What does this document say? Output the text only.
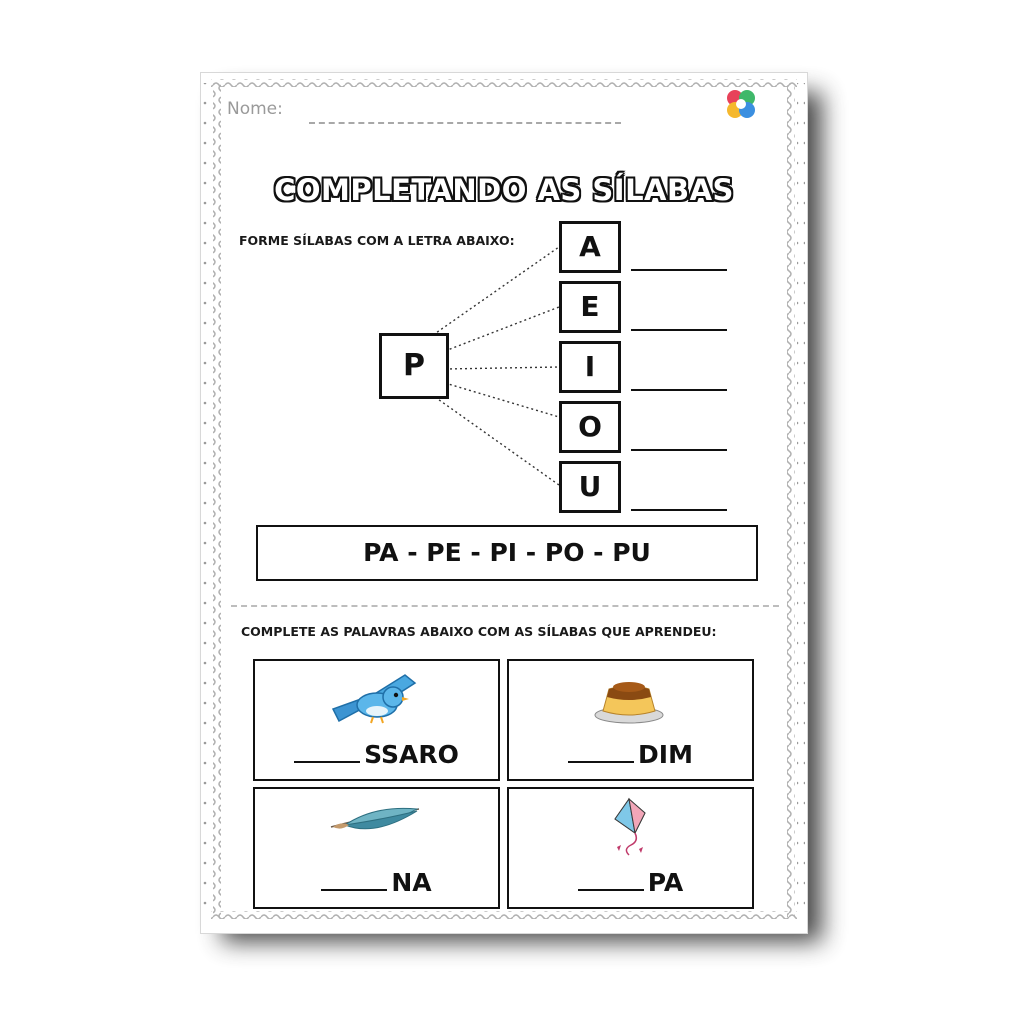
Nome:
COMPLETANDO AS SÍLABAS
FORME SÍLABAS COM A LETRA ABAIXO:
P
A
E
I
O
U
PA - PE - PI - PO - PU
COMPLETE AS PALAVRAS ABAIXO COM AS SÍLABAS QUE APRENDEU:
SSARO	DIM
NA	PA
